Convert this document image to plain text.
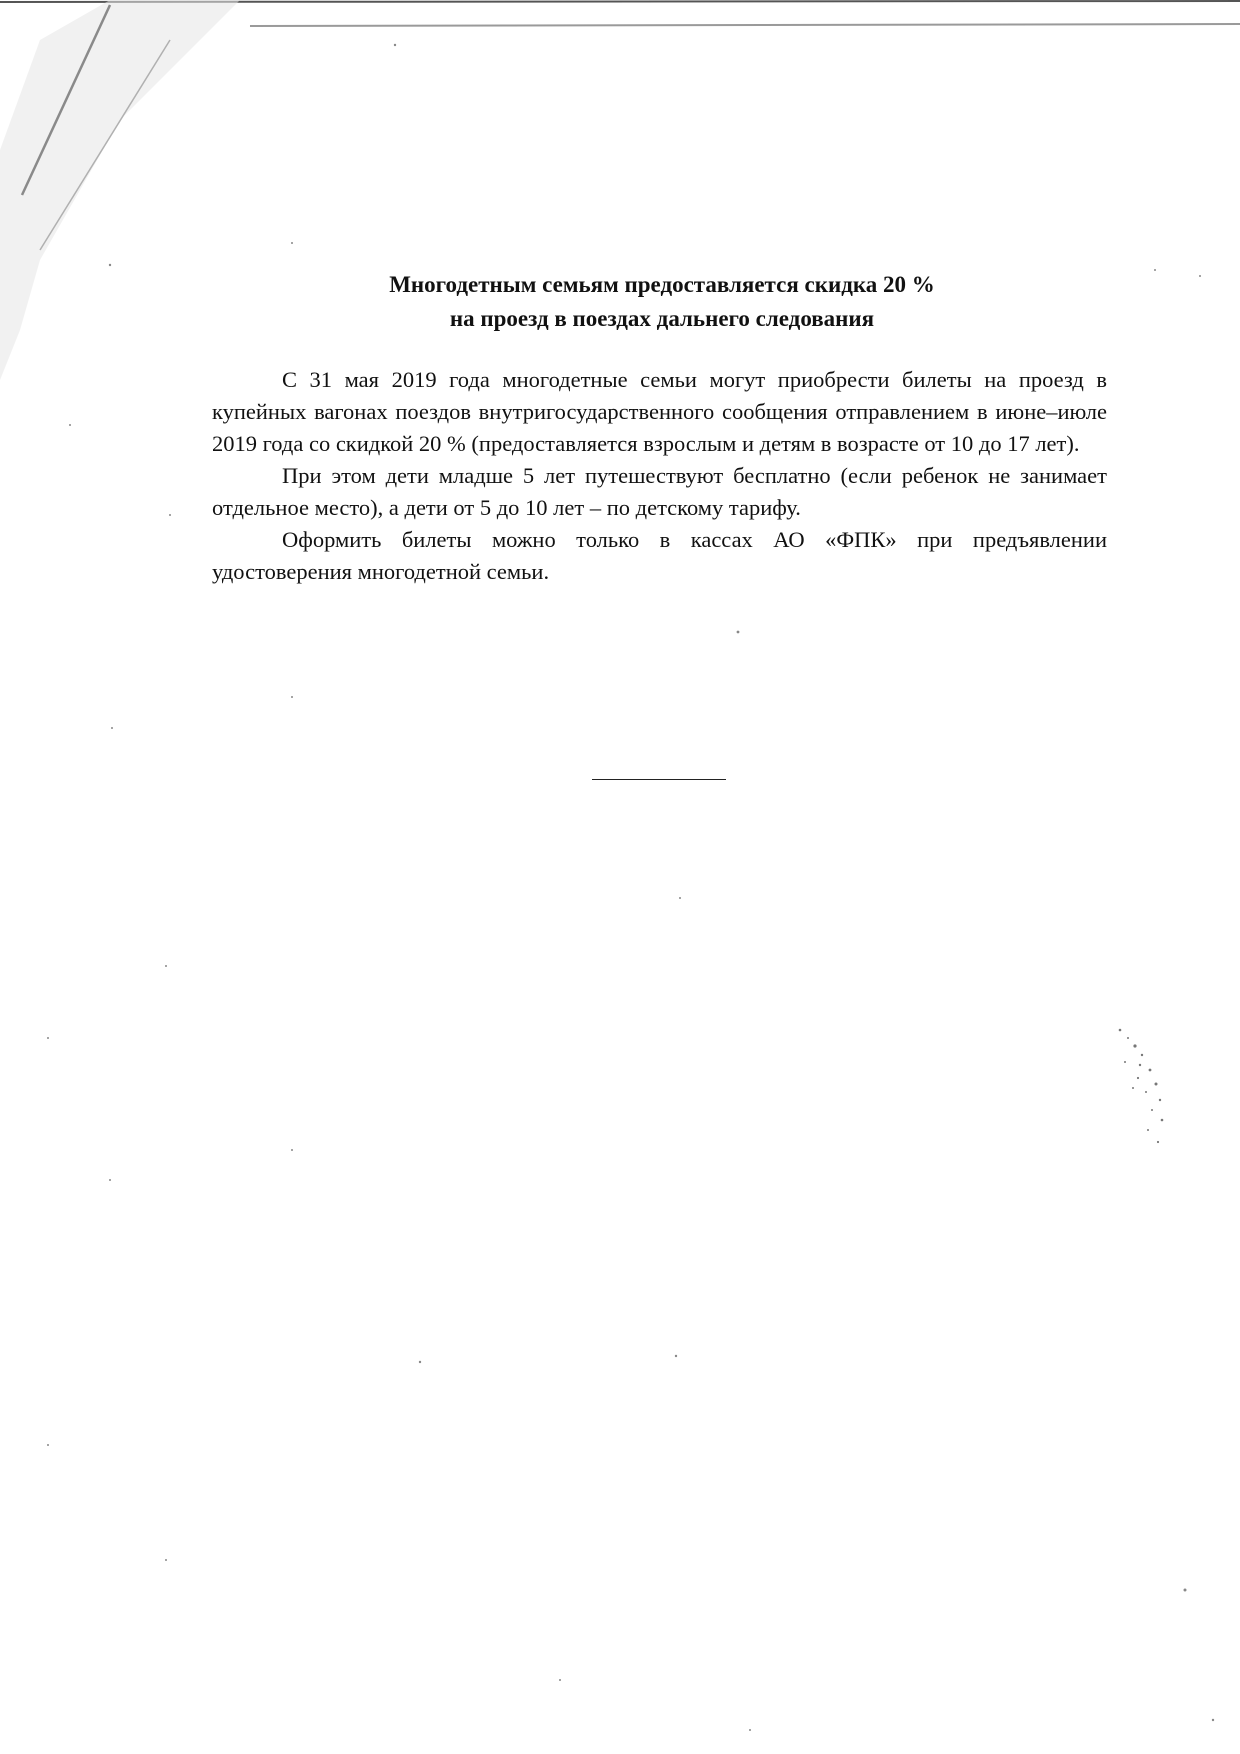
Многодетным семьям предоставляется скидка 20 %
на проезд в поездах дальнего следования

С 31 мая 2019 года многодетные семьи могут приобрести билеты на проезд в купейных вагонах поездов внутригосударственного сообщения отправлением в июне–июле 2019 года со скидкой 20 % (предоставляется взрослым и детям в возрасте от 10 до 17 лет).

При этом дети младше 5 лет путешествуют бесплатно (если ребенок не занимает отдельное место), а дети от 5 до 10 лет – по детскому тарифу.

Оформить билеты можно только в кассах АО «ФПК» при предъявлении удостоверения многодетной семьи.
